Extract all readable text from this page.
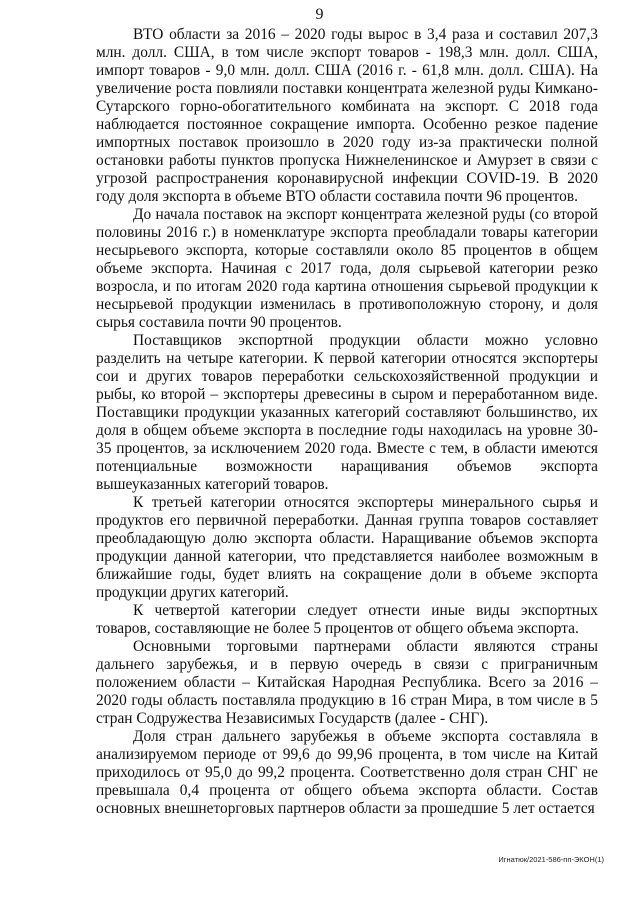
9

ВТО области за 2016 – 2020 годы вырос в 3,4 раза и составил 207,3 млн. долл. США, в том числе экспорт товаров - 198,3 млн. долл. США, импорт товаров - 9,0 млн. долл. США (2016 г. - 61,8 млн. долл. США). На увеличение роста повлияли поставки концентрата железной руды Кимкано-Сутарского горно-обогатительного комбината на экспорт. С 2018 года наблюдается постоянное сокращение импорта. Особенно резкое падение импортных поставок произошло в 2020 году из-за практически полной остановки работы пунктов пропуска Нижнеленинское и Амурзет в связи с угрозой распространения коронавирусной инфекции COVID-19. В 2020 году доля экспорта в объеме ВТО области составила почти 96 процентов.

До начала поставок на экспорт концентрата железной руды (со второй половины 2016 г.) в номенклатуре экспорта преобладали товары категории несырьевого экспорта, которые составляли около 85 процентов в общем объеме экспорта. Начиная с 2017 года, доля сырьевой категории резко возросла, и по итогам 2020 года картина отношения сырьевой продукции к несырьевой продукции изменилась в противоположную сторону, и доля сырья составила почти 90 процентов.

Поставщиков экспортной продукции области можно условно разделить на четыре категории. К первой категории относятся экспортеры сои и других товаров переработки сельскохозяйственной продукции и рыбы, ко второй – экспортеры древесины в сыром и переработанном виде. Поставщики продукции указанных категорий составляют большинство, их доля в общем объеме экспорта в последние годы находилась на уровне 30-35 процентов, за исключением 2020 года. Вместе с тем, в области имеются потенциальные возможности наращивания объемов экспорта вышеуказанных категорий товаров.

К третьей категории относятся экспортеры минерального сырья и продуктов его первичной переработки. Данная группа товаров составляет преобладающую долю экспорта области. Наращивание объемов экспорта продукции данной категории, что представляется наиболее возможным в ближайшие годы, будет влиять на сокращение доли в объеме экспорта продукции других категорий.

К четвертой категории следует отнести иные виды экспортных товаров, составляющие не более 5 процентов от общего объема экспорта.

Основными торговыми партнерами области являются страны дальнего зарубежья, и в первую очередь в связи с приграничным положением области – Китайская Народная Республика. Всего за 2016 – 2020 годы область поставляла продукцию в 16 стран Мира, в том числе в 5 стран Содружества Независимых Государств (далее - СНГ).

Доля стран дальнего зарубежья в объеме экспорта составляла в анализируемом периоде от 99,6 до 99,96 процента, в том числе на Китай приходилось от 95,0 до 99,2 процента. Соответственно доля стран СНГ не превышала 0,4 процента от общего объема экспорта области. Состав основных внешнеторговых партнеров области за прошедшие 5 лет остается

Игнатюк/2021-586-пп-ЭКОН(1)
